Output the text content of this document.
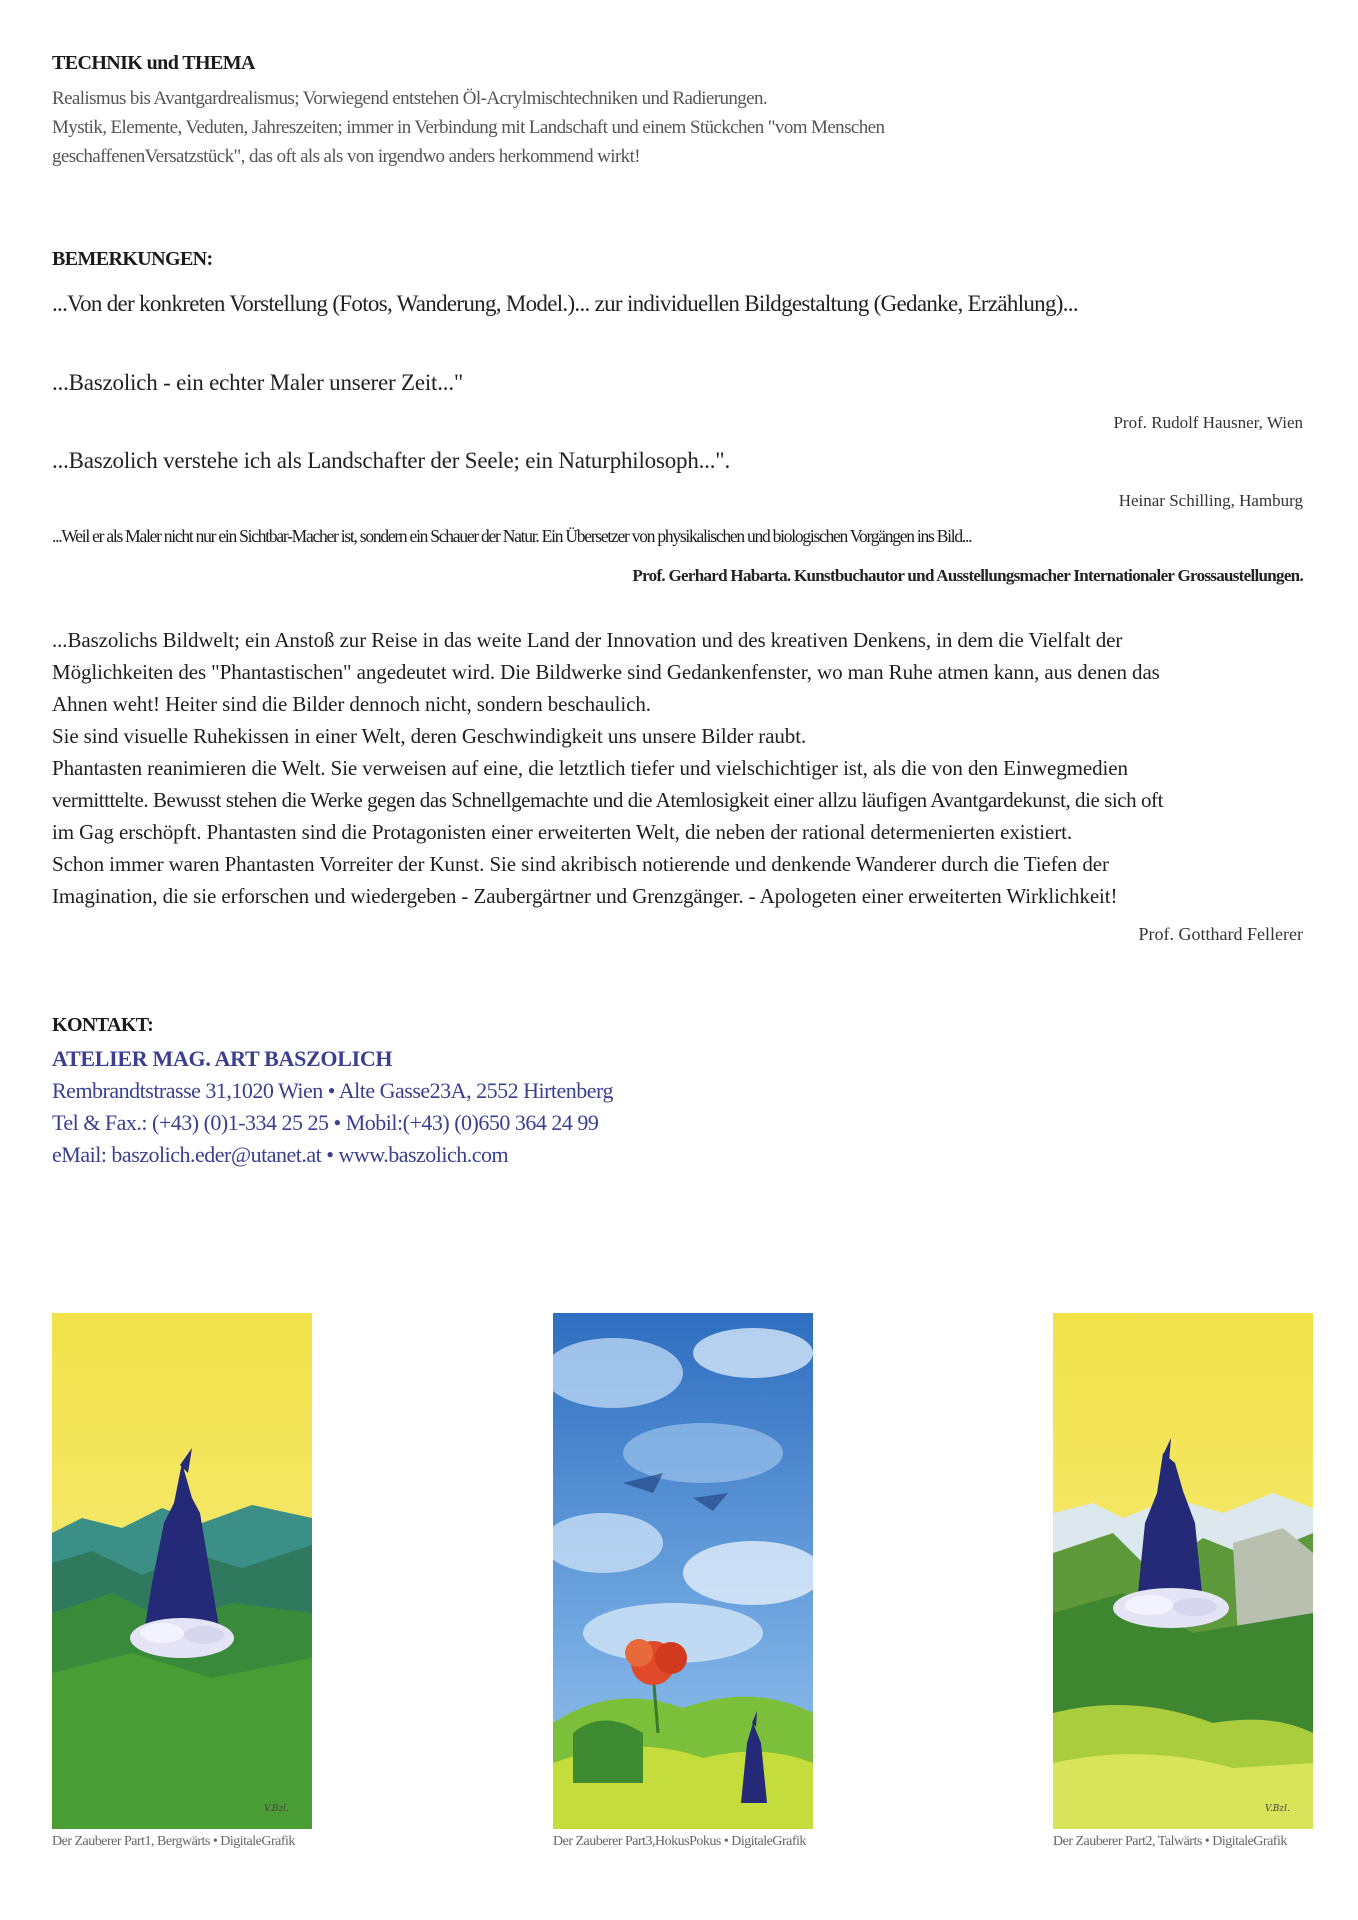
TECHNIK und THEMA
Realismus bis Avantgardrealismus; Vorwiegend entstehen Öl-Acrylmischtechniken und Radierungen.
Mystik, Elemente, Veduten, Jahreszeiten; immer in Verbindung mit Landschaft und einem Stückchen "vom Menschen
geschaffenenVersatzstück", das oft als als von irgendwo anders herkommend wirkt!
BEMERKUNGEN:
...Von der konkreten Vorstellung (Fotos, Wanderung, Model.)... zur individuellen Bildgestaltung (Gedanke, Erzählung)...
...Baszolich - ein echter Maler unserer Zeit..."
Prof. Rudolf Hausner, Wien
...Baszolich verstehe ich als Landschafter der Seele; ein Naturphilosoph...".
Heinar Schilling, Hamburg
...Weil er als Maler nicht nur ein Sichtbar-Macher ist, sondern ein Schauer der Natur. Ein Übersetzer von physikalischen und biologischen Vorgängen ins Bild...
Prof. Gerhard Habarta. Kunstbuchautor und Ausstellungsmacher Internationaler Grossaustellungen.
...Baszolichs Bildwelt; ein Anstoß zur Reise in das weite Land der Innovation und des kreativen Denkens, in dem die Vielfalt der
Möglichkeiten des "Phantastischen" angedeutet wird. Die Bildwerke sind Gedankenfenster, wo man Ruhe atmen kann, aus denen das
Ahnen weht! Heiter sind die Bilder dennoch nicht, sondern beschaulich.
Sie sind visuelle Ruhekissen in einer Welt, deren Geschwindigkeit uns unsere Bilder raubt.
Phantasten reanimieren die Welt. Sie verweisen auf eine, die letztlich tiefer und vielschichtiger ist, als die von den Einwegmedien
vermitttelte. Bewusst stehen die Werke gegen das Schnellgemachte und die Atemlosigkeit einer allzu läufigen Avantgardekunst, die sich oft
im Gag erschöpft. Phantasten sind die Protagonisten einer erweiterten Welt, die neben der rational determenierten existiert.
Schon immer waren Phantasten Vorreiter der Kunst. Sie sind akribisch notierende und denkende Wanderer durch die Tiefen der
Imagination, die sie erforschen und wiedergeben - Zaubergärtner und Grenzgänger. - Apologeten einer erweiterten Wirklichkeit!
Prof. Gotthard Fellerer
KONTAKT:
ATELIER MAG. ART BASZOLICH
Rembrandtstrasse 31,1020 Wien • Alte Gasse23A, 2552 Hirtenberg
Tel & Fax.: (+43) (0)1-334 25 25 • Mobil:(+43) (0)650 364 24 99
eMail: baszolich.eder@utanet.at • www.baszolich.com
V.Bzl.
Der Zauberer Part1, Bergwärts • DigitaleGrafik	Der Zauberer Part3,HokusPokus • DigitaleGrafik
V.Bzl.
Der Zauberer Part2, Talwärts • DigitaleGrafik
